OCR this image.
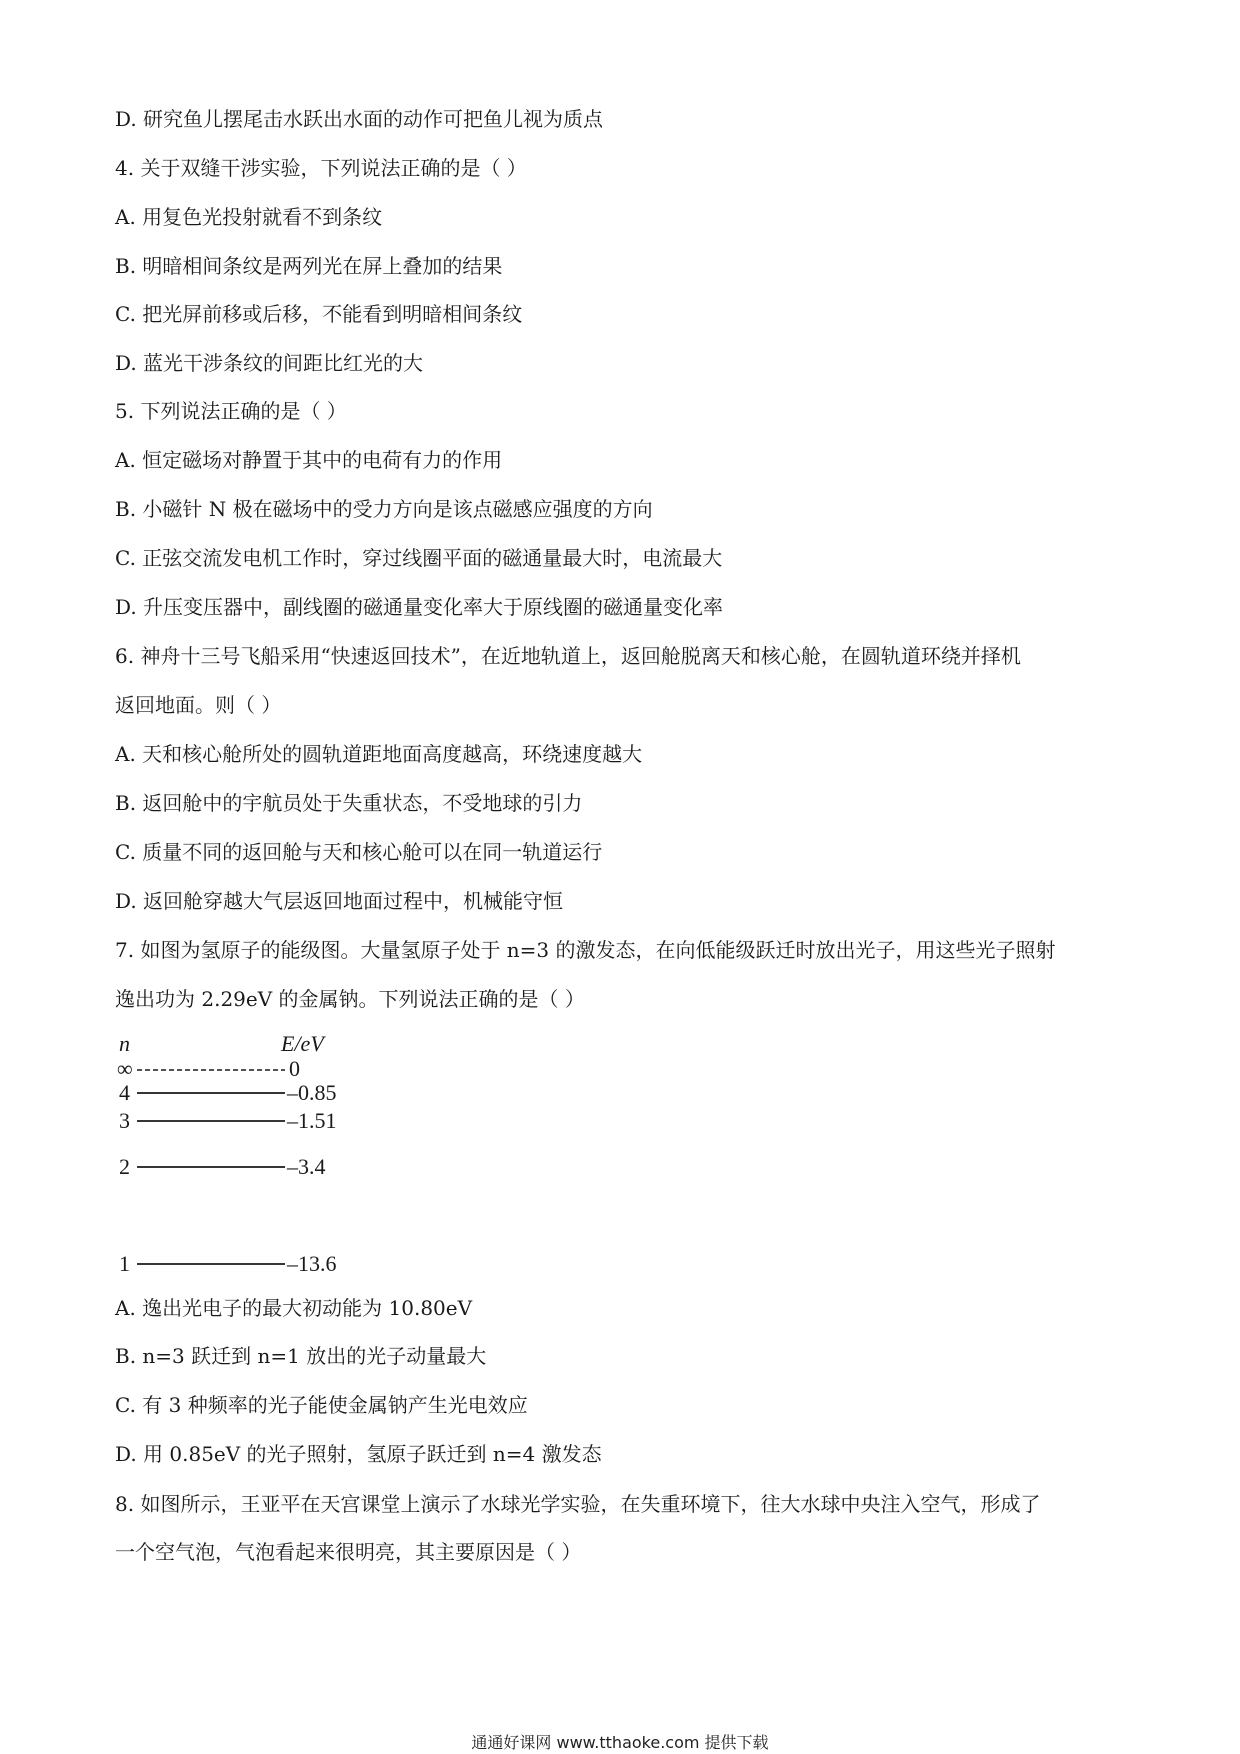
D. 研究鱼儿摆尾击水跃出水面的动作可把鱼儿视为质点
4. 关于双缝干涉实验，下列说法正确的是（ ）
A. 用复色光投射就看不到条纹
B. 明暗相间条纹是两列光在屏上叠加的结果
C. 把光屏前移或后移，不能看到明暗相间条纹
D. 蓝光干涉条纹的间距比红光的大
5. 下列说法正确的是（ ）
A. 恒定磁场对静置于其中的电荷有力的作用
B. 小磁针 N 极在磁场中的受力方向是该点磁感应强度的方向
C. 正弦交流发电机工作时，穿过线圈平面的磁通量最大时，电流最大
D. 升压变压器中，副线圈的磁通量变化率大于原线圈的磁通量变化率
6. 神舟十三号飞船采用“快速返回技术”，在近地轨道上，返回舱脱离天和核心舱，在圆轨道环绕并择机
返回地面。则（ ）
A. 天和核心舱所处的圆轨道距地面高度越高，环绕速度越大
B. 返回舱中的宇航员处于失重状态，不受地球的引力
C. 质量不同的返回舱与天和核心舱可以在同一轨道运行
D. 返回舱穿越大气层返回地面过程中，机械能守恒
7. 如图为氢原子的能级图。大量氢原子处于 n=3 的激发态，在向低能级跃迁时放出光子，用这些光子照射
逸出功为 2.29eV 的金属钠。下列说法正确的是（ ）
n	E/eV
∞	0
4	–0.85
3	–1.51
2	–3.4
1	–13.6
A. 逸出光电子的最大初动能为 10.80eV
B. n=3 跃迁到 n=1 放出的光子动量最大
C. 有 3 种频率的光子能使金属钠产生光电效应
D. 用 0.85eV 的光子照射，氢原子跃迁到 n=4 激发态
8. 如图所示，王亚平在天宫课堂上演示了水球光学实验，在失重环境下，往大水球中央注入空气，形成了
一个空气泡，气泡看起来很明亮，其主要原因是（ ）
通通好课网 www.tthaoke.com 提供下载
